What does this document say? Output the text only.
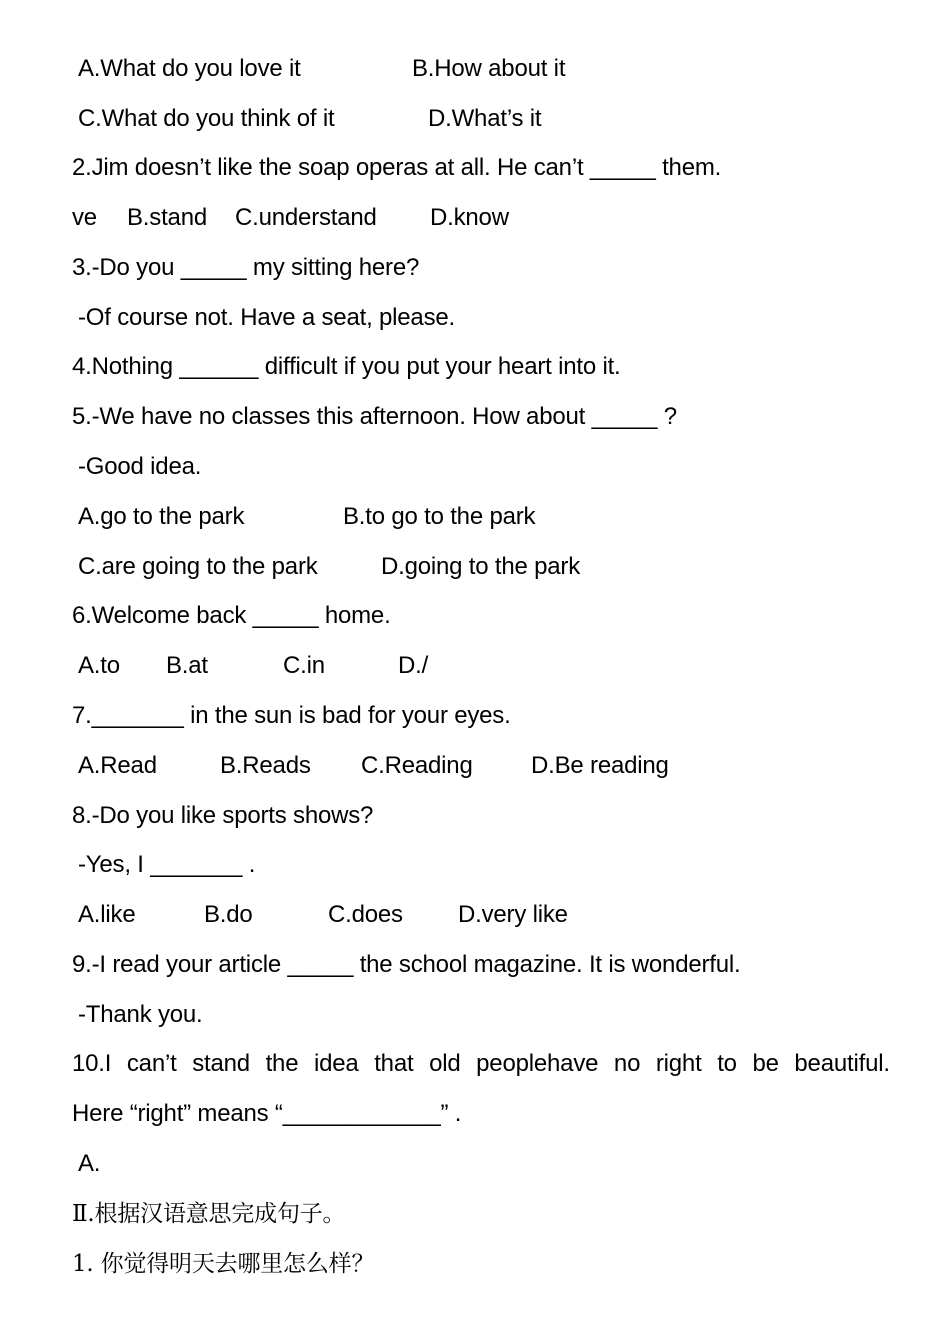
A.What do you love it	B.How about it
C.What do you think of it	D.What’s it
2.Jim doesn’t like the soap operas at all. He can’t _____ them.
ve B.stand C.understand D.know
3.-Do you _____ my sitting here?
-Of course not. Have a seat, please.
4.Nothing ______ difficult if you put your heart into it.
5.-We have no classes this afternoon. How about _____ ?
-Good idea.
A.go to the park	B.to go to the park
C.are going to the park	D.going to the park
6.Welcome back _____ home.
A.to B.at	C.in	D./
7._______ in the sun is bad for your eyes.
A.Read	B.Reads C.Reading D.Be reading
8.-Do you like sports shows?
-Yes, I _______ .
A.like	B.do	C.does D.very like
9.-I read your article _____ the school magazine. It is wonderful.
-Thank you.
10.I can’t stand the idea that old peoplehave no right to be beautiful.
Here “right” means “____________” .
A.
Ⅱ.根据汉语意思完成句子。
1. 你觉得明天去哪里怎么样？
